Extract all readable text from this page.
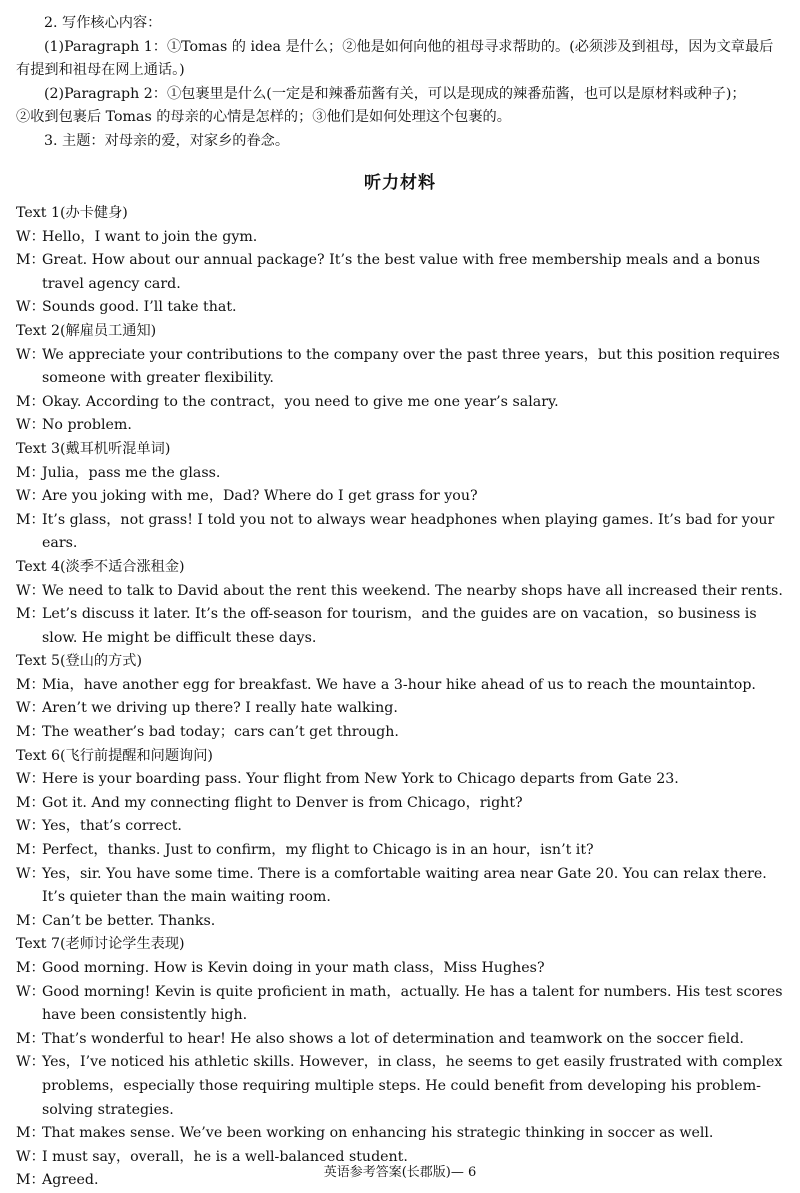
2. 写作核心内容：
(1)Paragraph 1：①Tomas 的 idea 是什么；②他是如何向他的祖母寻求帮助的。(必须涉及到祖母，因为文章最后
有提到和祖母在网上通话。)
(2)Paragraph 2：①包裹里是什么(一定是和辣番茄酱有关，可以是现成的辣番茄酱，也可以是原材料或种子)；
②收到包裹后 Tomas 的母亲的心情是怎样的；③他们是如何处理这个包裹的。
3. 主题：对母亲的爱，对家乡的眷念。
听力材料
Text 1(办卡健身)
W：
Hello，I want to join the gym.
M：
Great. How about our annual package? It’s the best value with free membership meals and a bonus travel agency card.
W：
Sounds good. I’ll take that.
Text 2(解雇员工通知)
W：
We appreciate your contributions to the company over the past three years，but this position requires someone with greater flexibility.
M：
Okay. According to the contract，you need to give me one year’s salary.
W：
No problem.
Text 3(戴耳机听混单词)
M：
Julia，pass me the glass.
W：
Are you joking with me，Dad? Where do I get grass for you?
M：
It’s glass，not grass! I told you not to always wear headphones when playing games. It’s bad for your ears.
Text 4(淡季不适合涨租金)
W：
We need to talk to David about the rent this weekend. The nearby shops have all increased their rents.
M：
Let’s discuss it later. It’s the off-season for tourism，and the guides are on vacation，so business is slow. He might be difficult these days.
Text 5(登山的方式)
M：
Mia，have another egg for breakfast. We have a 3-hour hike ahead of us to reach the mountaintop.
W：
Aren’t we driving up there? I really hate walking.
M：
The weather’s bad today；cars can’t get through.
Text 6(飞行前提醒和问题询问)
W：
Here is your boarding pass. Your flight from New York to Chicago departs from Gate 23.
M：
Got it. And my connecting flight to Denver is from Chicago，right?
W：
Yes，that’s correct.
M：
Perfect，thanks. Just to confirm，my flight to Chicago is in an hour，isn’t it?
W：
Yes，sir. You have some time. There is a comfortable waiting area near Gate 20. You can relax there. It’s quieter than the main waiting room.
M：
Can’t be better. Thanks.
Text 7(老师讨论学生表现)
M：
Good morning. How is Kevin doing in your math class，Miss Hughes?
W：
Good morning! Kevin is quite proficient in math，actually. He has a talent for numbers. His test scores have been consistently high.
M：
That’s wonderful to hear! He also shows a lot of determination and teamwork on the soccer field.
W：
Yes，I’ve noticed his athletic skills. However，in class，he seems to get easily frustrated with complex problems，especially those requiring multiple steps. He could benefit from developing his problem-solving strategies.
M：
That makes sense. We’ve been working on enhancing his strategic thinking in soccer as well.
W：
I must say，overall，he is a well-balanced student.
M：
Agreed.	英语参考答案(长郡版)— 6
